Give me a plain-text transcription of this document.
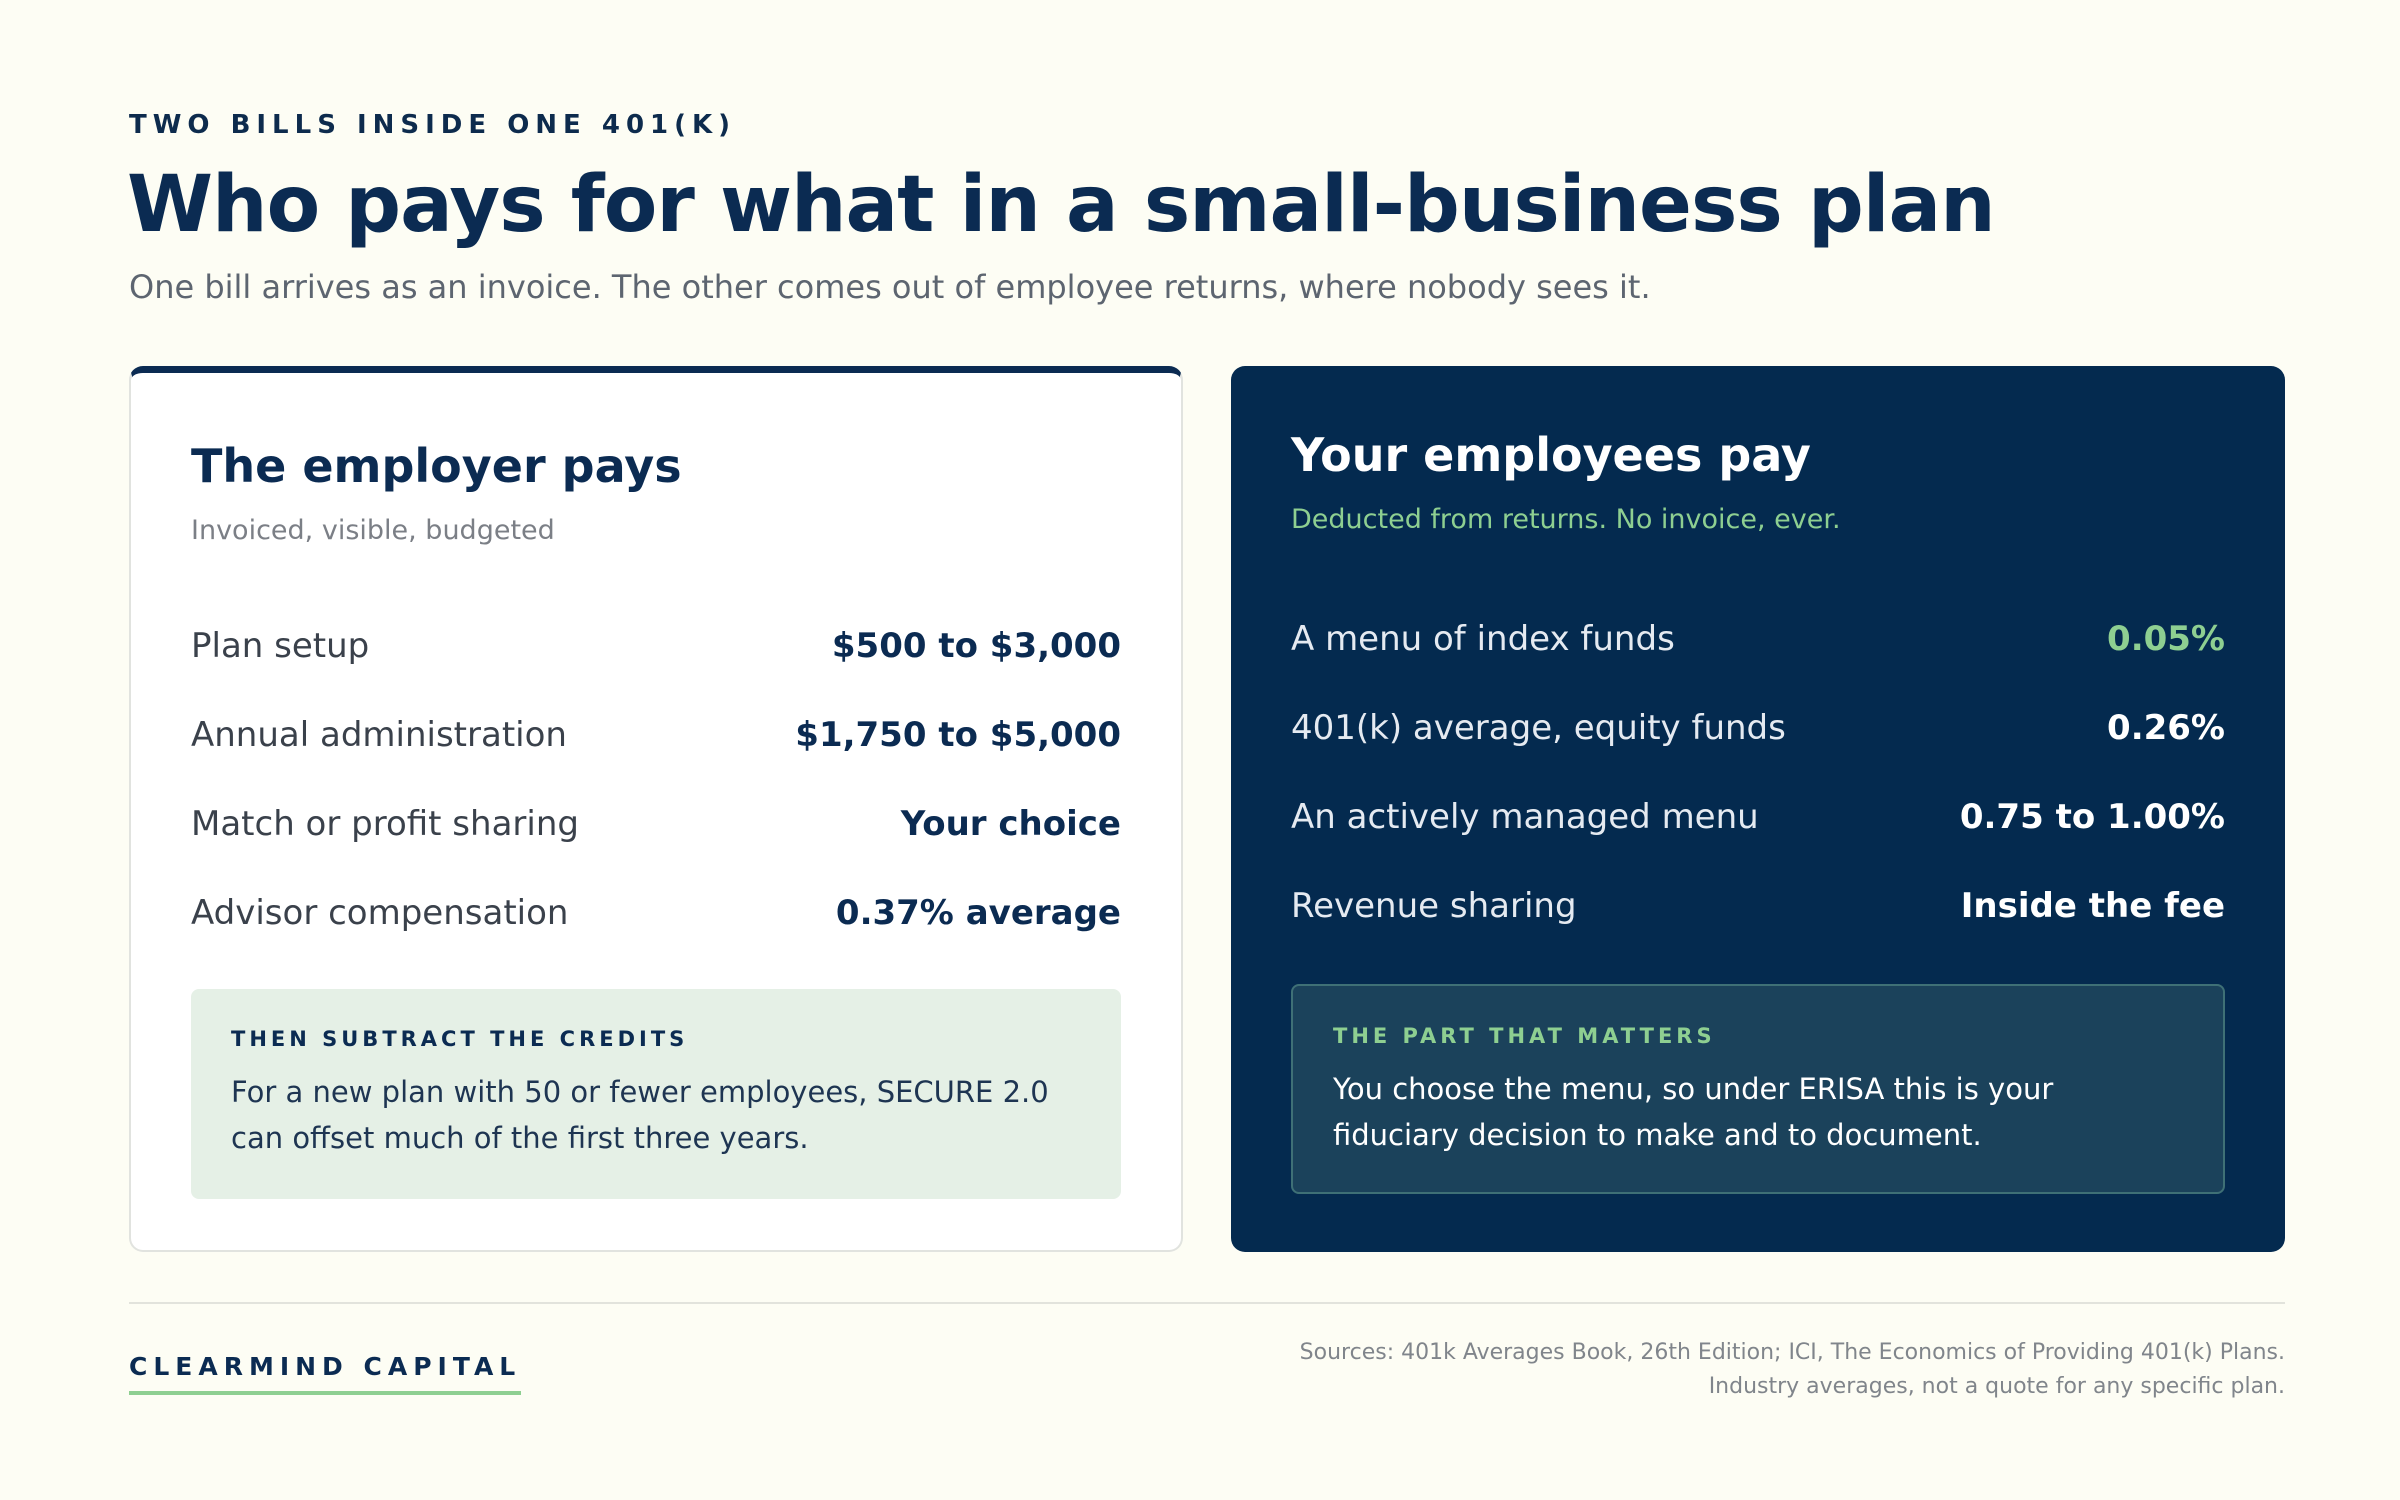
TWO BILLS INSIDE ONE 401(K)
Who pays for what in a small-business plan
One bill arrives as an invoice. The other comes out of employee returns, where nobody sees it.
The employer pays
Invoiced, visible, budgeted
Plan setup	$500 to $3,000
Annual administration	$1,750 to $5,000
Match or profit sharing	Your choice
Advisor compensation	0.37% average
THEN SUBTRACT THE CREDITS
For a new plan with 50 or fewer employees, SECURE 2.0 can offset much of the first three years.
Your employees pay
Deducted from returns. No invoice, ever.
A menu of index funds	0.05%
401(k) average, equity funds	0.26%
An actively managed menu	0.75 to 1.00%
Revenue sharing	Inside the fee
THE PART THAT MATTERS
You choose the menu, so under ERISA this is your fiduciary decision to make and to document.
CLEARMIND CAPITAL	Sources: 401k Averages Book, 26th Edition; ICI, The Economics of Providing 401(k) Plans.
Industry averages, not a quote for any specific plan.
